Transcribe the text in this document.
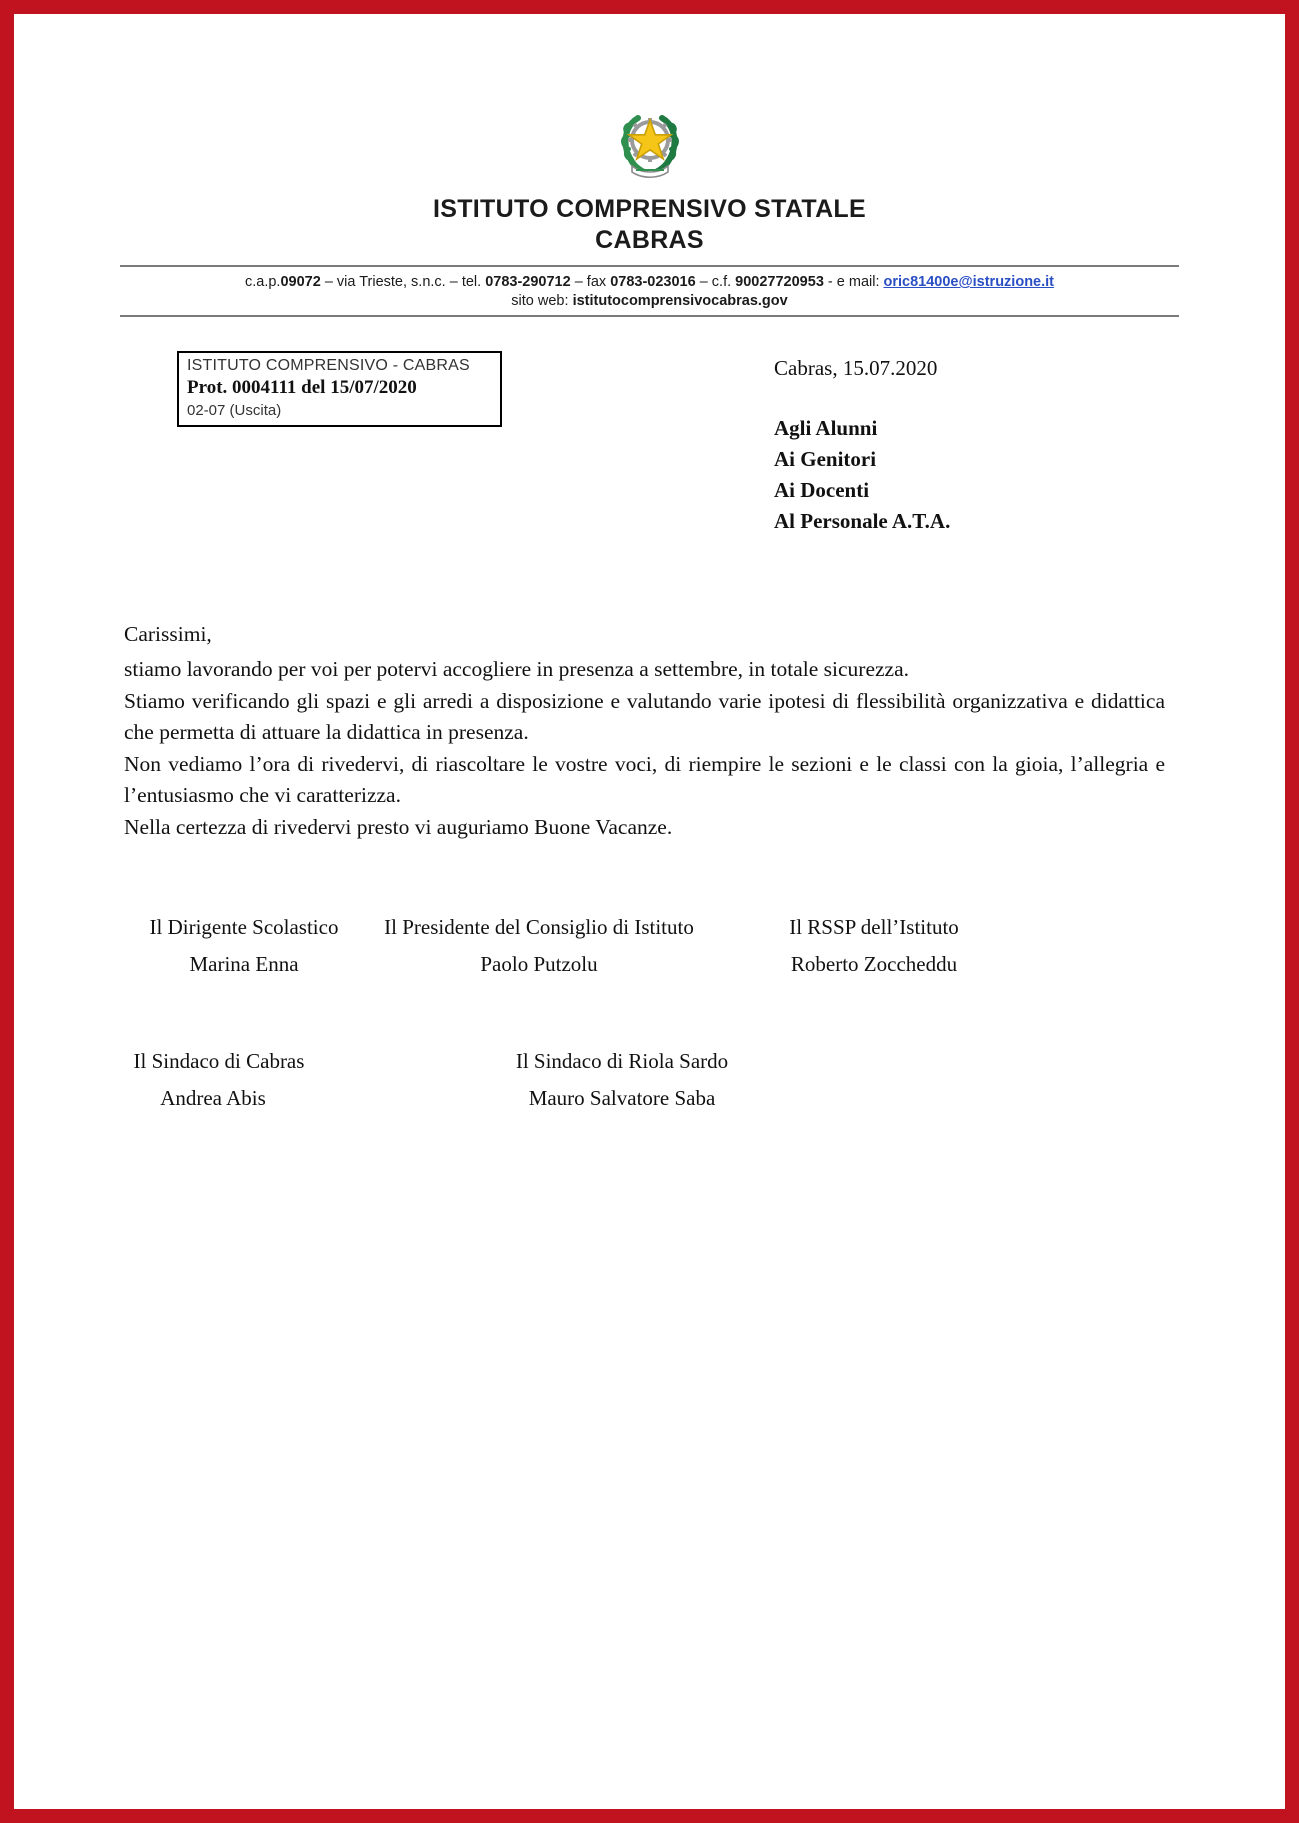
ISTITUTO COMPRENSIVO STATALE
CABRAS
c.a.p.09072 – via Trieste, s.n.c. – tel. 0783-290712 – fax 0783-023016 – c.f. 90027720953 - e mail: oric81400e@istruzione.it
sito web: istitutocomprensivocabras.gov
ISTITUTO COMPRENSIVO - CABRAS
Prot. 0004111 del 15/07/2020
02-07 (Uscita)
Cabras, 15.07.2020
Agli Alunni
Ai Genitori
Ai Docenti
Al Personale A.T.A.

Carissimi,

stiamo lavorando per voi per potervi accogliere in presenza a settembre, in totale sicurezza.

Stiamo verificando gli spazi e gli arredi a disposizione e valutando varie ipotesi di flessibilità organizzativa e didattica che permetta di attuare la didattica in presenza.

Non vediamo l’ora di rivedervi, di riascoltare le vostre voci, di riempire le sezioni e le classi con la gioia, l’allegria e l’entusiasmo che vi caratterizza.

Nella certezza di rivedervi presto vi auguriamo Buone Vacanze.

Il Dirigente Scolastico
Marina Enna
Il Presidente del Consiglio di Istituto
Paolo Putzolu
Il RSSP dell’Istituto
Roberto Zoccheddu
Il Sindaco di Cabras
Andrea Abis
Il Sindaco di Riola Sardo
Mauro Salvatore Saba
